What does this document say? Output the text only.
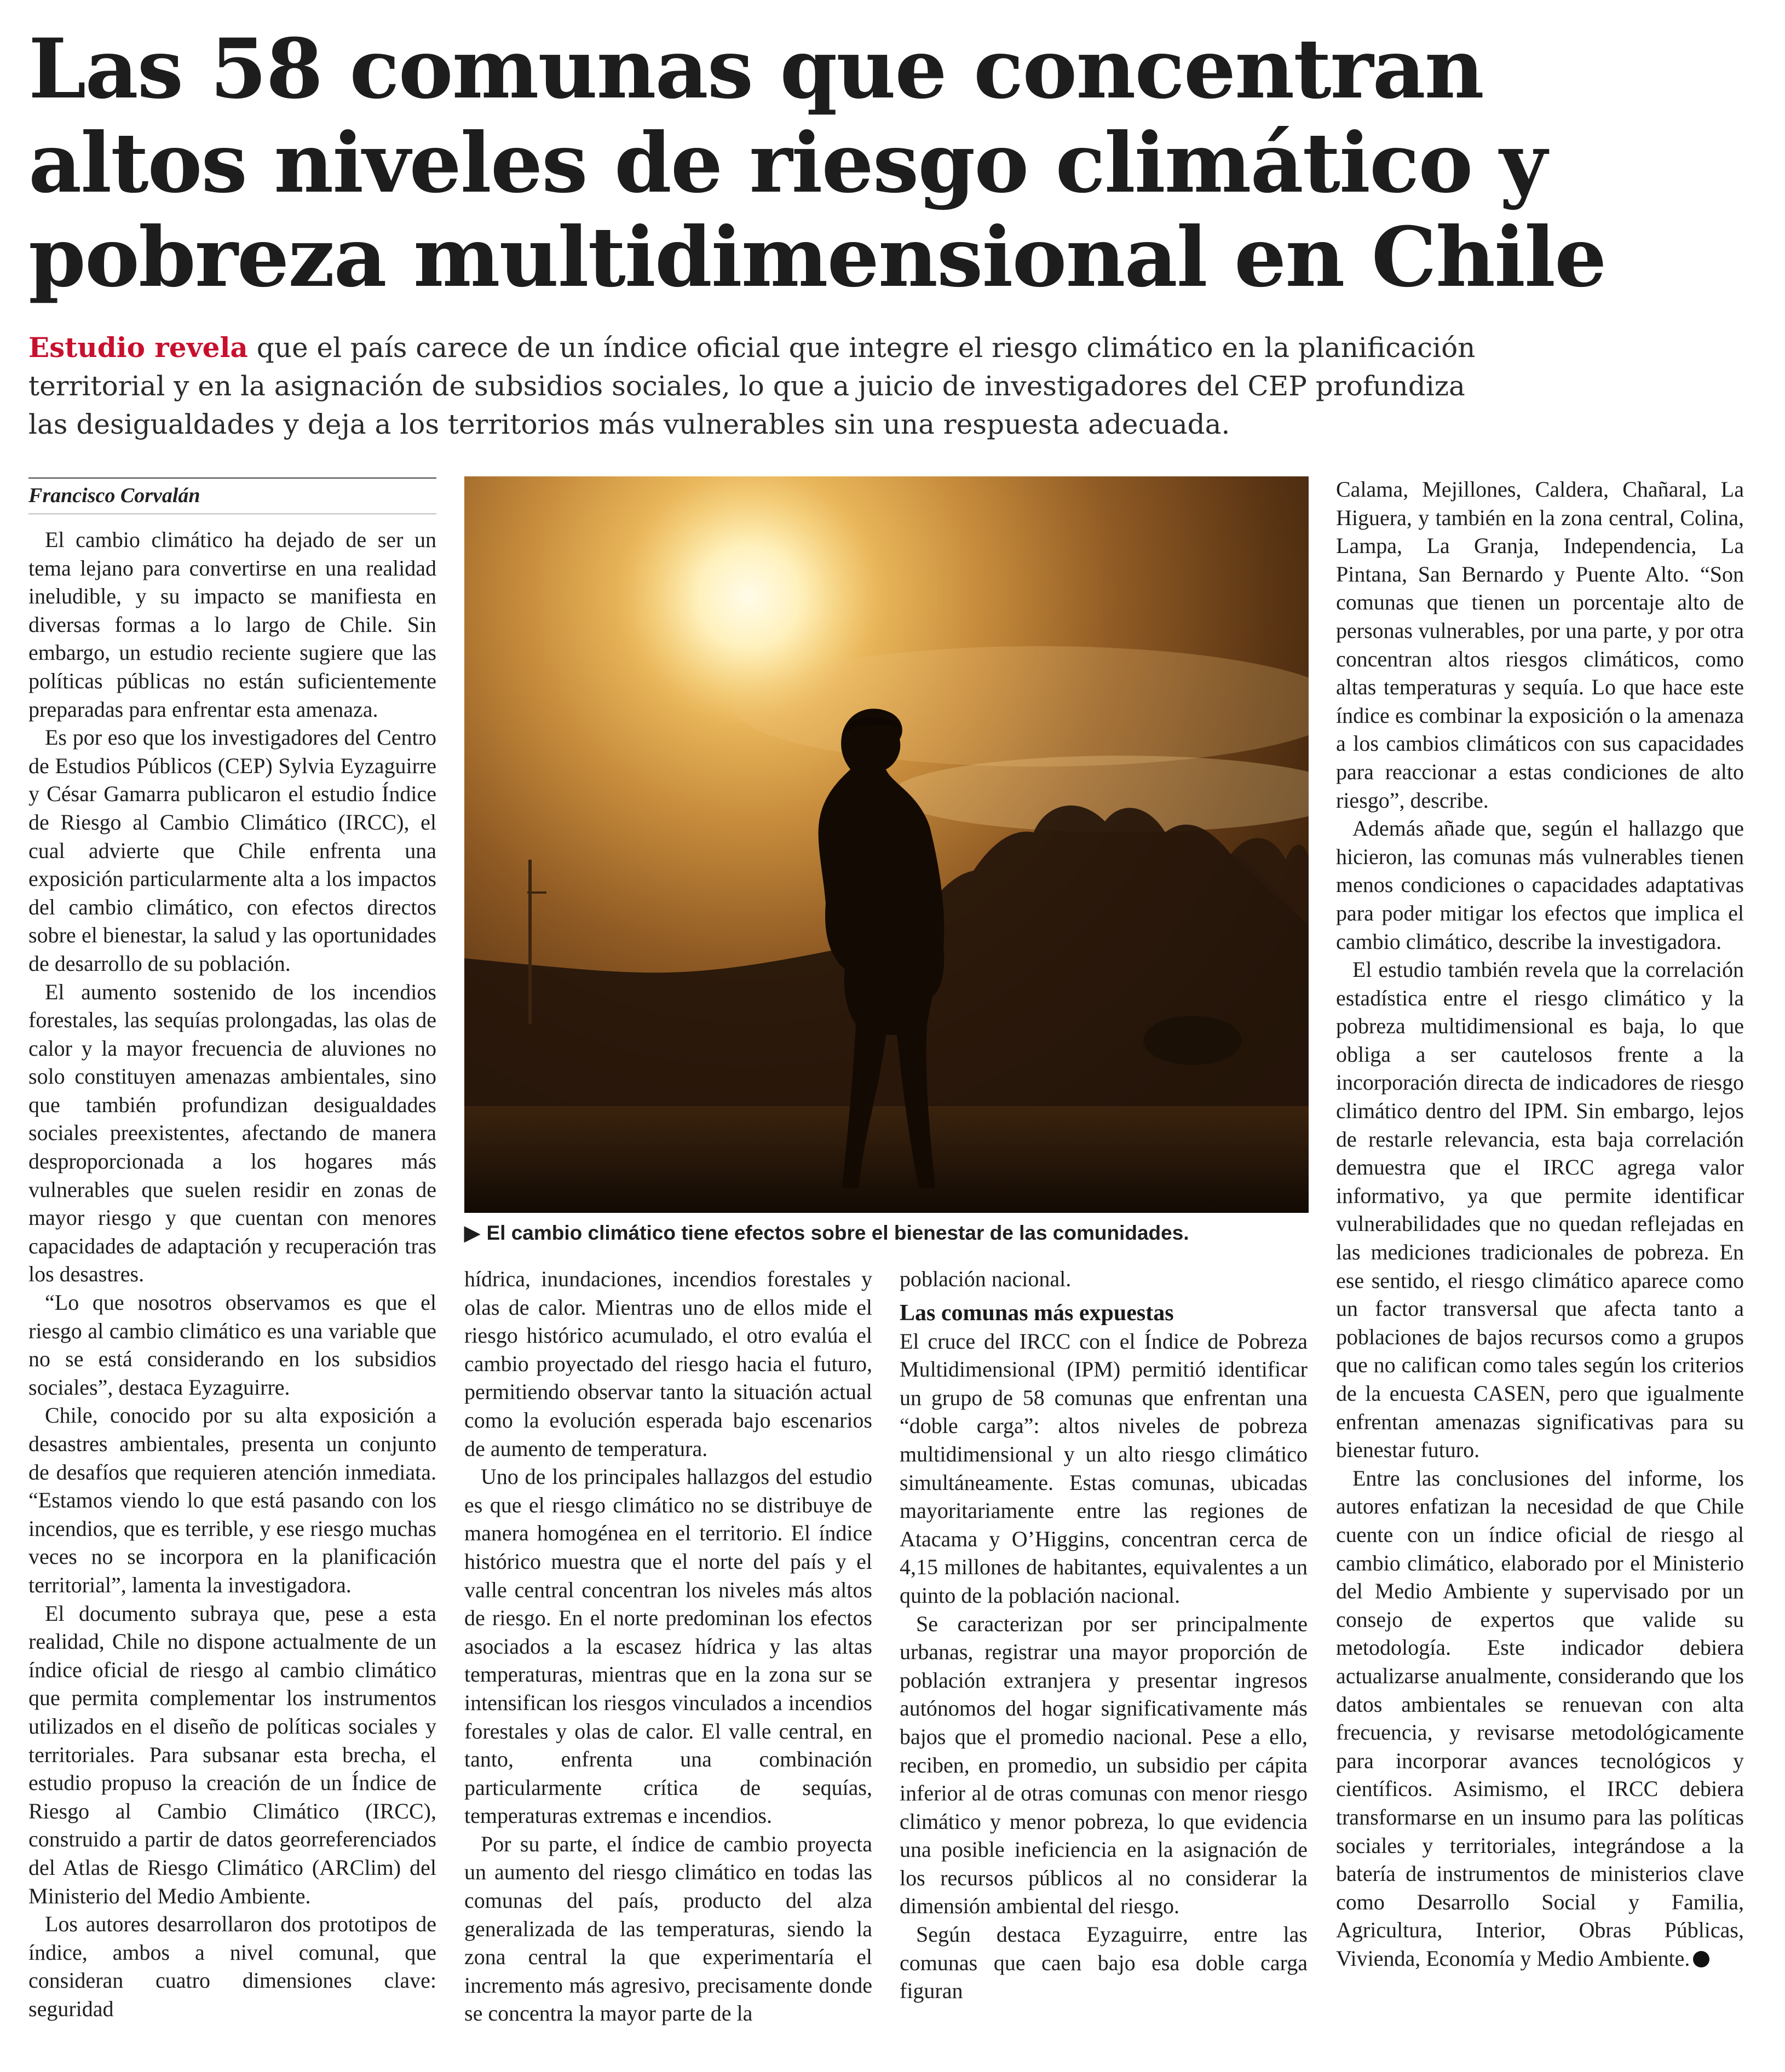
Las 58 comunas que concentran
altos niveles de riesgo climático y
pobreza multidimensional en Chile
Estudio revela que el país carece de un índice oficial que integre el riesgo climático en la planificación
territorial y en la asignación de subsidios sociales, lo que a juicio de investigadores del CEP profundiza
las desigualdades y deja a los territorios más vulnerables sin una respuesta adecuada.
Francisco Corvalán

El cambio climático ha dejado de ser un tema lejano para convertirse en una realidad ineludible, y su impacto se manifiesta en diversas formas a lo largo de Chile. Sin embargo, un estudio reciente sugiere que las políticas públicas no están suficientemente preparadas para enfrentar esta amenaza.

Es por eso que los investigadores del Centro de Estudios Públicos (CEP) Sylvia Eyzaguirre y César Gamarra publicaron el estudio Índice de Riesgo al Cambio Climático (IRCC), el cual advierte que Chile enfrenta una exposición particularmente alta a los impactos del cambio climático, con efectos directos sobre el bienestar, la salud y las oportunidades de desarrollo de su población.

El aumento sostenido de los incendios forestales, las sequías prolongadas, las olas de calor y la mayor frecuencia de aluviones no solo constituyen amenazas ambientales, sino que también profundizan desigualdades sociales preexistentes, afectando de manera desproporcionada a los hogares más vulnerables que suelen residir en zonas de mayor riesgo y que cuentan con menores capacidades de adaptación y recuperación tras los desastres.

“Lo que nosotros observamos es que el riesgo al cambio climático es una variable que no se está considerando en los subsidios sociales”, destaca Eyzaguirre.

Chile, conocido por su alta exposición a desastres ambientales, presenta un conjunto de desafíos que requieren atención inmediata. “Estamos viendo lo que está pasando con los incendios, que es terrible, y ese riesgo muchas veces no se incorpora en la planificación territorial”, lamenta la investigadora.

El documento subraya que, pese a esta realidad, Chile no dispone actualmente de un índice oficial de riesgo al cambio climático que permita complementar los instrumentos utilizados en el diseño de políticas sociales y territoriales. Para subsanar esta brecha, el estudio propuso la creación de un Índice de Riesgo al Cambio Climático (IRCC), construido a partir de datos georreferenciados del Atlas de Riesgo Climático (ARClim) del Ministerio del Medio Ambiente.

Los autores desarrollaron dos prototipos de índice, ambos a nivel comunal, que consideran cuatro dimensiones clave: seguridad

▶ El cambio climático tiene efectos sobre el bienestar de las comunidades.

hídrica, inundaciones, incendios forestales y olas de calor. Mientras uno de ellos mide el riesgo histórico acumulado, el otro evalúa el cambio proyectado del riesgo hacia el futuro, permitiendo observar tanto la situación actual como la evolución esperada bajo escenarios de aumento de temperatura.

Uno de los principales hallazgos del estudio es que el riesgo climático no se distribuye de manera homogénea en el territorio. El índice histórico muestra que el norte del país y el valle central concentran los niveles más altos de riesgo. En el norte predominan los efectos asociados a la escasez hídrica y las altas temperaturas, mientras que en la zona sur se intensifican los riesgos vinculados a incendios forestales y olas de calor. El valle central, en tanto, enfrenta una combinación particularmente crítica de sequías, temperaturas extremas e incendios.

Por su parte, el índice de cambio proyecta un aumento del riesgo climático en todas las comunas del país, producto del alza generalizada de las temperaturas, siendo la zona central la que experimentaría el incremento más agresivo, precisamente donde se concentra la mayor parte de la

población nacional.

Las comunas más expuestas

El cruce del IRCC con el Índice de Pobreza Multidimensional (IPM) permitió identificar un grupo de 58 comunas que enfrentan una “doble carga”: altos niveles de pobreza multidimensional y un alto riesgo climático simultáneamente. Estas comunas, ubicadas mayoritariamente entre las regiones de Atacama y O’Higgins, concentran cerca de 4,15 millones de habitantes, equivalentes a un quinto de la población nacional.

Se caracterizan por ser principalmente urbanas, registrar una mayor proporción de población extranjera y presentar ingresos autónomos del hogar significativamente más bajos que el promedio nacional. Pese a ello, reciben, en promedio, un subsidio per cápita inferior al de otras comunas con menor riesgo climático y menor pobreza, lo que evidencia una posible ineficiencia en la asignación de los recursos públicos al no considerar la dimensión ambiental del riesgo.

Según destaca Eyzaguirre, entre las comunas que caen bajo esa doble carga figuran

Calama, Mejillones, Caldera, Chañaral, La Higuera, y también en la zona central, Colina, Lampa, La Granja, Independencia, La Pintana, San Bernardo y Puente Alto. “Son comunas que tienen un porcentaje alto de personas vulnerables, por una parte, y por otra concentran altos riesgos climáticos, como altas temperaturas y sequía. Lo que hace este índice es combinar la exposición o la amenaza a los cambios climáticos con sus capacidades para reaccionar a estas condiciones de alto riesgo”, describe.

Además añade que, según el hallazgo que hicieron, las comunas más vulnerables tienen menos condiciones o capacidades adaptativas para poder mitigar los efectos que implica el cambio climático, describe la investigadora.

El estudio también revela que la correlación estadística entre el riesgo climático y la pobreza multidimensional es baja, lo que obliga a ser cautelosos frente a la incorporación directa de indicadores de riesgo climático dentro del IPM. Sin embargo, lejos de restarle relevancia, esta baja correlación demuestra que el IRCC agrega valor informativo, ya que permite identificar vulnerabilidades que no quedan reflejadas en las mediciones tradicionales de pobreza. En ese sentido, el riesgo climático aparece como un factor transversal que afecta tanto a poblaciones de bajos recursos como a grupos que no califican como tales según los criterios de la encuesta CASEN, pero que igualmente enfrentan amenazas significativas para su bienestar futuro.

Entre las conclusiones del informe, los autores enfatizan la necesidad de que Chile cuente con un índice oficial de riesgo al cambio climático, elaborado por el Ministerio del Medio Ambiente y supervisado por un consejo de expertos que valide su metodología. Este indicador debiera actualizarse anualmente, considerando que los datos ambientales se renuevan con alta frecuencia, y revisarse metodológicamente para incorporar avances tecnológicos y científicos. Asimismo, el IRCC debiera transformarse en un insumo para las políticas sociales y territoriales, integrándose a la batería de instrumentos de ministerios clave como Desarrollo Social y Familia, Agricultura, Interior, Obras Públicas, Vivienda, Economía y Medio Ambiente.
